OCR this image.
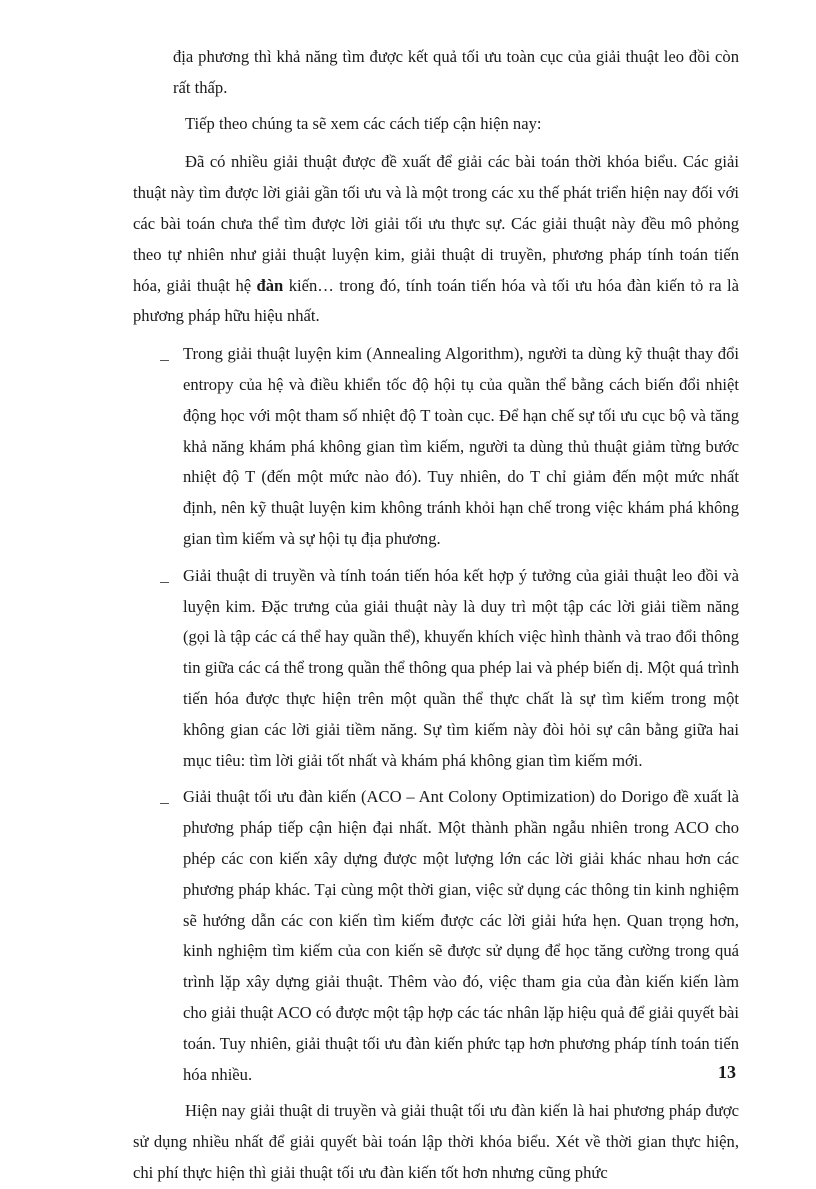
địa phương thì khả năng tìm được kết quả tối ưu toàn cục của giải thuật leo đồi còn rất thấp.

Tiếp theo chúng ta sẽ xem các cách tiếp cận hiện nay:

Đã có nhiều giải thuật được đề xuất để giải các bài toán thời khóa biểu. Các giải thuật này tìm được lời giải gần tối ưu và là một trong các xu thế phát triển hiện nay đối với các bài toán chưa thể tìm được lời giải tối ưu thực sự. Các giải thuật này đều mô phỏng theo tự nhiên như giải thuật luyện kim, giải thuật di truyền, phương pháp tính toán tiến hóa, giải thuật hệ đàn kiến… trong đó, tính toán tiến hóa và tối ưu hóa đàn kiến tỏ ra là phương pháp hữu hiệu nhất.

Trong giải thuật luyện kim (Annealing Algorithm), người ta dùng kỹ thuật thay đổi entropy của hệ và điều khiển tốc độ hội tụ của quần thể bằng cách biến đổi nhiệt động học với một tham số nhiệt độ T toàn cục. Để hạn chế sự tối ưu cục bộ và tăng khả năng khám phá không gian tìm kiếm, người ta dùng thủ thuật giảm từng bước nhiệt độ T (đến một mức nào đó). Tuy nhiên, do T chỉ giảm đến một mức nhất định, nên kỹ thuật luyện kim không tránh khỏi hạn chế trong việc khám phá không gian tìm kiếm và sự hội tụ địa phương.

Giải thuật di truyền và tính toán tiến hóa kết hợp ý tưởng của giải thuật leo đồi và luyện kim. Đặc trưng của giải thuật này là duy trì một tập các lời giải tiềm năng (gọi là tập các cá thể hay quần thể), khuyến khích việc hình thành và trao đổi thông tin giữa các cá thể trong quần thể thông qua phép lai và phép biến dị. Một quá trình tiến hóa được thực hiện trên một quần thể thực chất là sự tìm kiếm trong một không gian các lời giải tiềm năng. Sự tìm kiếm này đòi hỏi sự cân bằng giữa hai mục tiêu: tìm lời giải tốt nhất và khám phá không gian tìm kiếm mới.

Giải thuật tối ưu đàn kiến (ACO – Ant Colony Optimization) do Dorigo đề xuất là phương pháp tiếp cận hiện đại nhất. Một thành phần ngẫu nhiên trong ACO cho phép các con kiến xây dựng được một lượng lớn các lời giải khác nhau hơn các phương pháp khác. Tại cùng một thời gian, việc sử dụng các thông tin kinh nghiệm sẽ hướng dẫn các con kiến tìm kiếm được các lời giải hứa hẹn. Quan trọng hơn, kinh nghiệm tìm kiếm của con kiến sẽ được sử dụng để học tăng cường trong quá trình lặp xây dựng giải thuật. Thêm vào đó, việc tham gia của đàn kiến kiến làm cho giải thuật ACO có được một tập hợp các tác nhân lặp hiệu quả để giải quyết bài toán. Tuy nhiên, giải thuật tối ưu đàn kiến phức tạp hơn phương pháp tính toán tiến hóa nhiều.

Hiện nay giải thuật di truyền và giải thuật tối ưu đàn kiến là hai phương pháp được sử dụng nhiều nhất để giải quyết bài toán lập thời khóa biểu. Xét về thời gian thực hiện, chi phí thực hiện thì giải thuật tối ưu đàn kiến tốt hơn nhưng cũng phức

13
